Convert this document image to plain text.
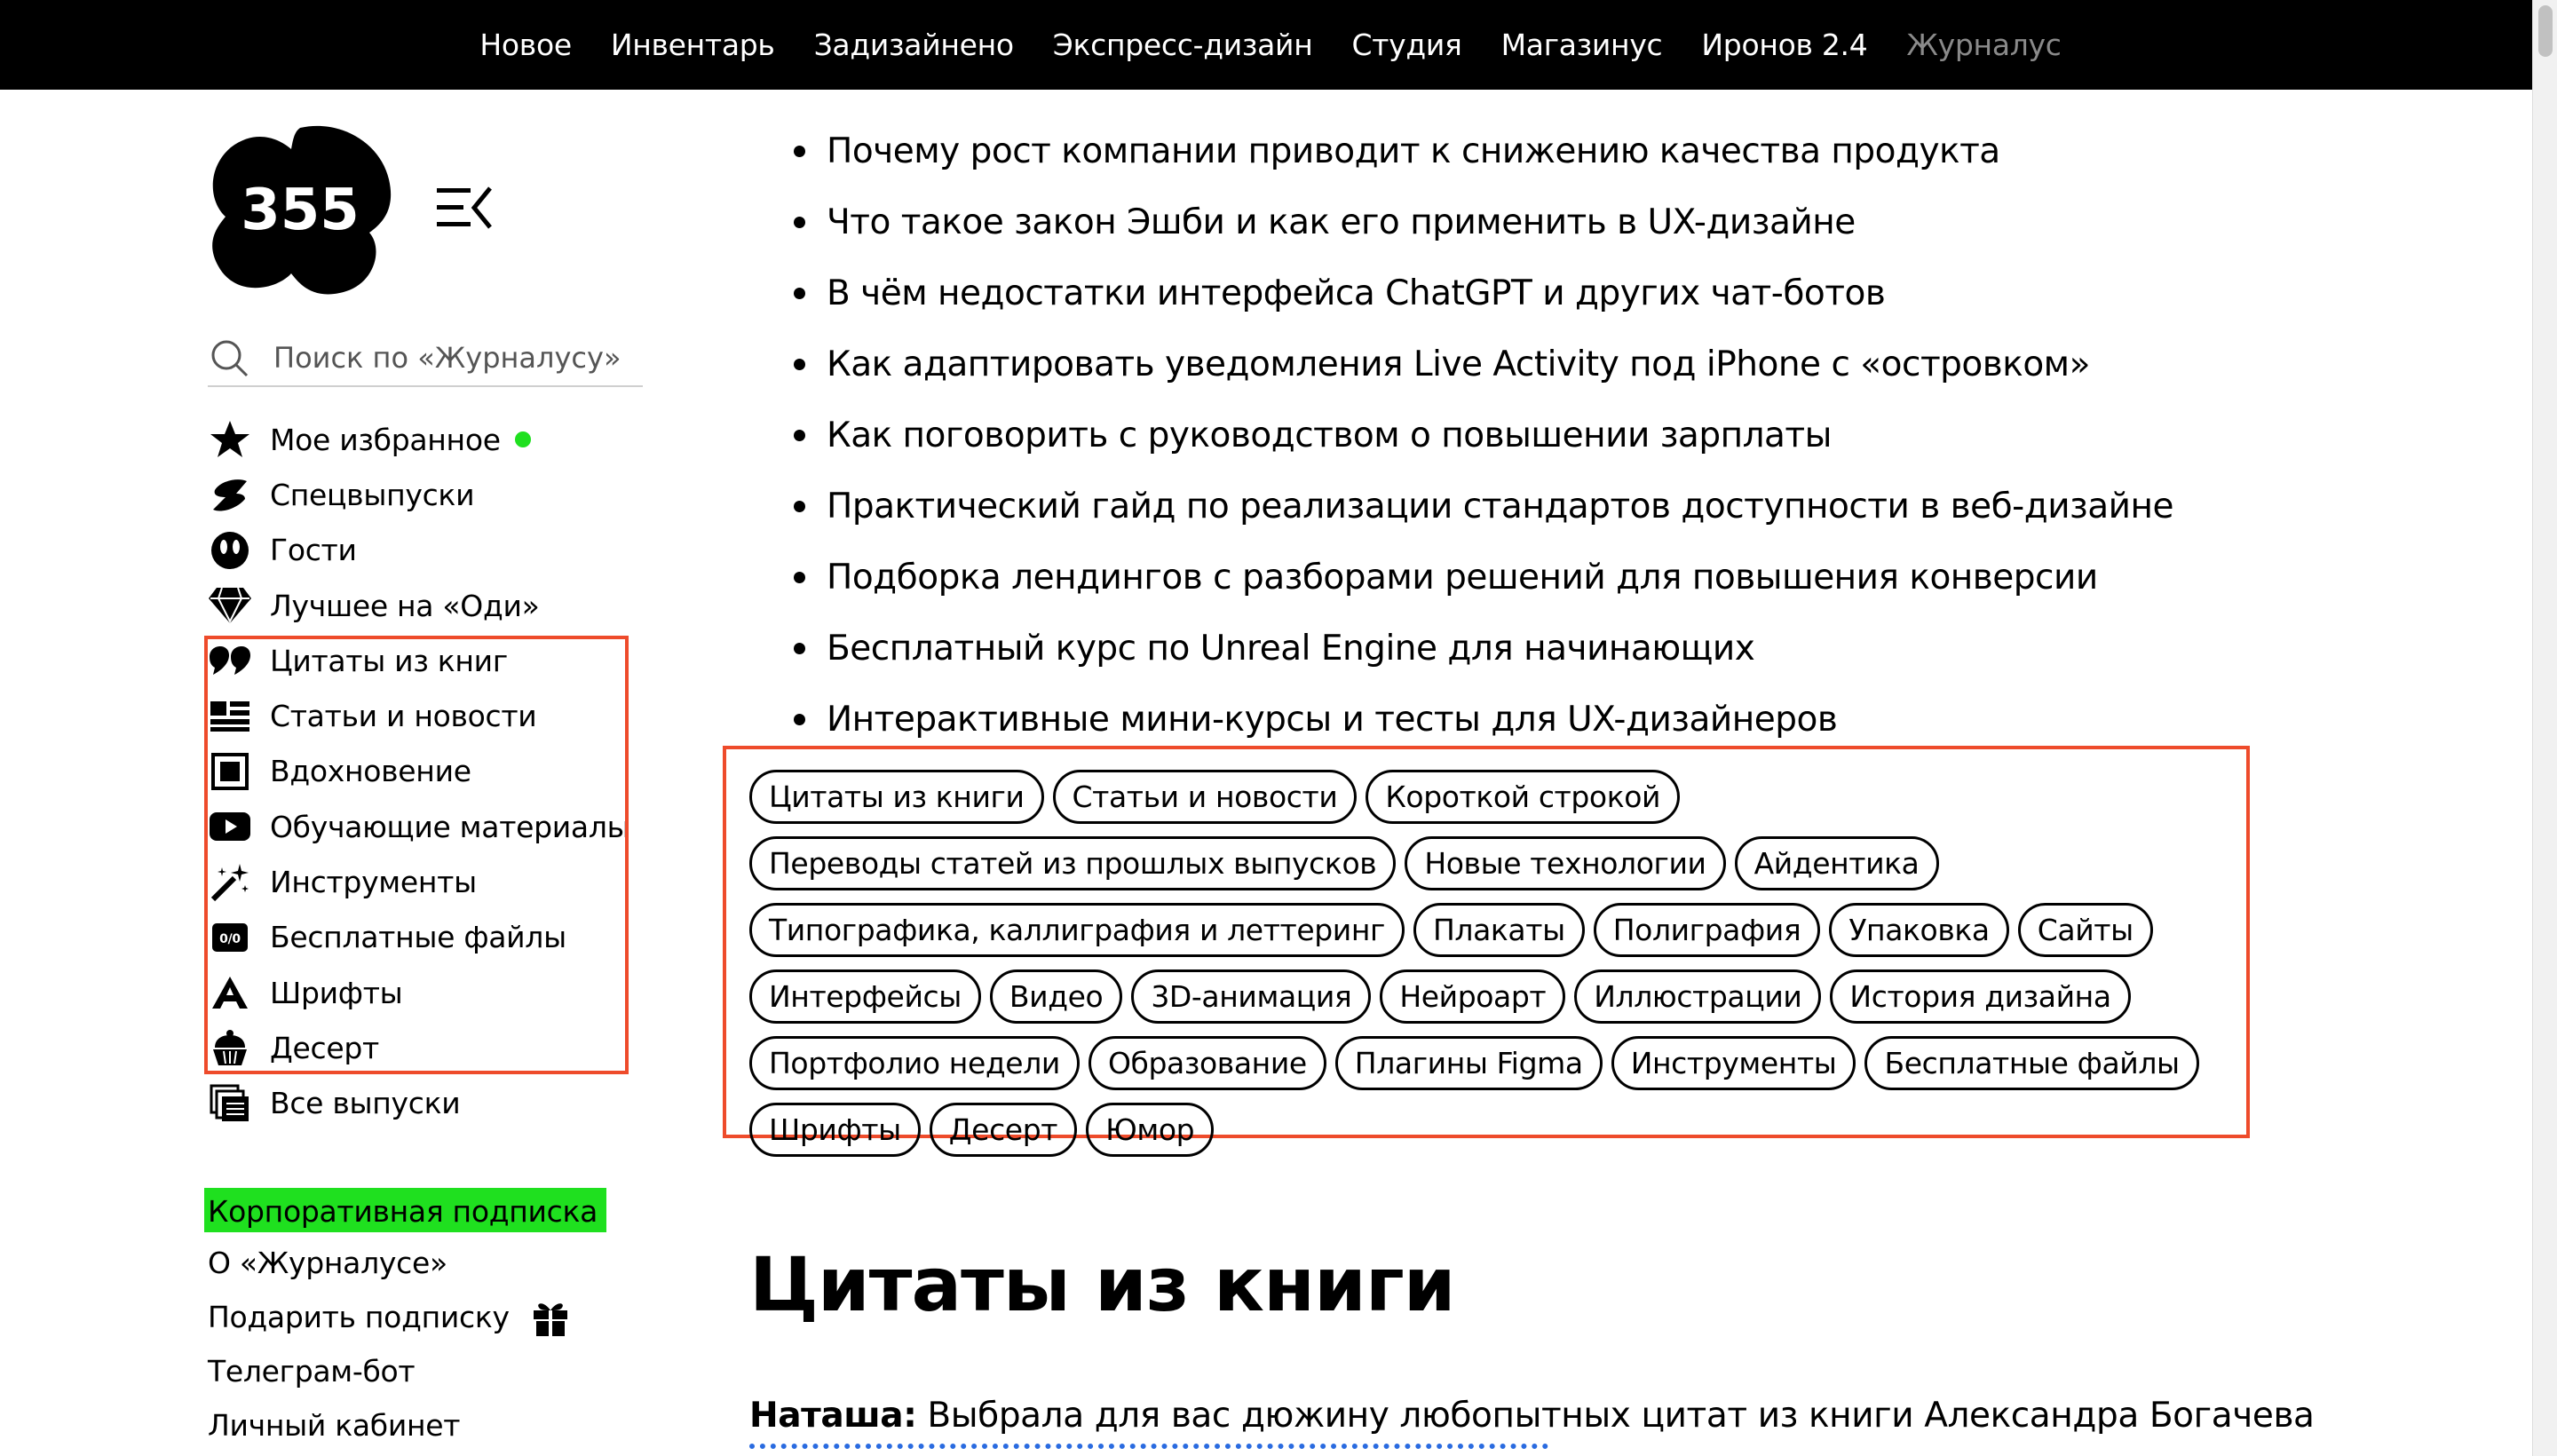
Новое	Инвентарь	Задизайнено	Экспресс-дизайн	Студия	Магазинус	Иронов 2.4	Журналус
355
Поиск по «Журналусу»
Мое избранное
Спецвыпуски
Гости
Лучшее на «Оди»
Цитаты из книг
Статьи и новости
Вдохновение
Обучающие материалы
Инструменты
0/0 Бесплатные файлы
Шрифты
Десерт
Все выпуски
Корпоративная подписка
О «Журналусе»
Подарить подписку
Телеграм-бот
Личный кабинет
Почему рост компании приводит к снижению качества продукта
Что такое закон Эшби и как его применить в UX-дизайне
В чём недостатки интерфейса ChatGPT и других чат-ботов
Как адаптировать уведомления Live Activity под iPhone с «островком»
Как поговорить с руководством о повышении зарплаты
Практический гайд по реализации стандартов доступности в веб-дизайне
Подборка лендингов с разборами решений для повышения конверсии
Бесплатный курс по Unreal Engine для начинающих
Интерактивные мини-курсы и тесты для UX-дизайнеров
Цитаты из книги	Статьи и новости	Короткой строкой
Переводы статей из прошлых выпусков	Новые технологии	Айдентика
Типографика, каллиграфия и леттеринг	Плакаты	Полиграфия	Упаковка	Сайты
Интерфейсы	Видео	3D-анимация	Нейроарт	Иллюстрации	История дизайна
Портфолио недели	Образование	Плагины Figma	Инструменты	Бесплатные файлы
Шрифты	Десерт	Юмор
Цитаты из книги

Наташа: Выбрала для вас дюжину любопытных цитат из книги Александра Богачева
